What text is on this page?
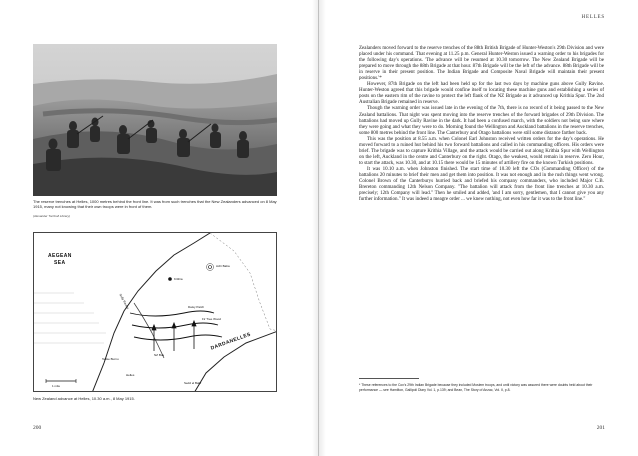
The reserve trenches at Helles, 1000 metres behind the front line. It was from such trenches that the New Zealanders advanced on 8 May 1915, many not knowing that their own troops were in front of them.
(Alexander Turnbull Library)
AEGEAN
SEA
DARDANELLES
Krithia
Achi Baba
Gully Ravine	Daisy Patch
Fir Tree Wood
NZ Bde
Helles
Sedd el Bahr
Tekke Burnu
1 mile
New Zealand advance at Helles, 10.30 a.m., 8 May 1915.
200
HELLES

Zealanders moved forward to the reserve trenches of the 88th British Brigade of Hunter-Weston's 29th Division and were placed under his command. That evening at 11.25 p.m. General Hunter-Weston issued a warning order to his brigades for the following day's operations. 'The advance will be resumed at 10.30 tomorrow. The New Zealand Brigade will be prepared to move through the 88th Brigade at that hour. 87th Brigade will be the left of the advance. 88th Brigade will be in reserve in their present position. The Indian Brigade and Composite Naval Brigade will maintain their present positions.'*

However, 87th Brigade on the left had been held up for the last two days by machine guns above Gully Ravine. Hunter-Weston agreed that this brigade would confine itself to locating these machine guns and establishing a series of posts on the eastern rim of the ravine to protect the left flank of the NZ Brigade as it advanced up Krithia Spur. The 2nd Australian Brigade remained in reserve.

Though the warning order was issued late in the evening of the 7th, there is no record of it being passed to the New Zealand battalions. That night was spent moving into the reserve trenches of the forward brigades of 29th Division. The battalions had moved up Gully Ravine in the dark. It had been a confused march, with the soldiers not being sure where they were going and what they were to do. Morning found the Wellington and Auckland battalions in the reserve trenches, some 800 metres behind the front line. The Canterbury and Otago battalions were still some distance farther back.

This was the position at 8.55 a.m. when Colonel Earl Johnston received written orders for the day's operations. He moved forward to a ruined hut behind his two forward battalions and called in his commanding officers. His orders were brief. The brigade was to capture Krithia Village, and the attack would be carried out along Krithia Spur with Wellington on the left, Auckland in the centre and Canterbury on the right. Otago, the weakest, would remain in reserve. Zero Hour, to start the attack, was 10.30, and at 10.15 there would be 15 minutes of artillery fire on the known Turkish positions.

It was 10.10 a.m. when Johnston finished. The start time of 10.30 left the COs (Commanding Officer) of the battalions 20 minutes to brief their men and get them into position. It was not enough and in the rush things went wrong. Colonel Brown of the Canterburys hurried back and briefed his company commanders, who included Major C.B. Brereton commanding 12th Nelson Company. "The battalion will attack from the front line trenches at 10.30 a.m. precisely; 12th Company will lead." Then he smiled and added, 'and I am sorry, gentlemen, that I cannot give you any further information." It was indeed a meagre order ... we knew nothing, not even how far it was to the front line."

* These references to the Cox's 29th Indian Brigade because they included Moslem troops, and until victory was assured there were doubts held about their performance — see Hamilton, Gallipoli Diary Vol. 1, p.139; and Bean, The Story of Anzac, Vol. II, p.8.
201
